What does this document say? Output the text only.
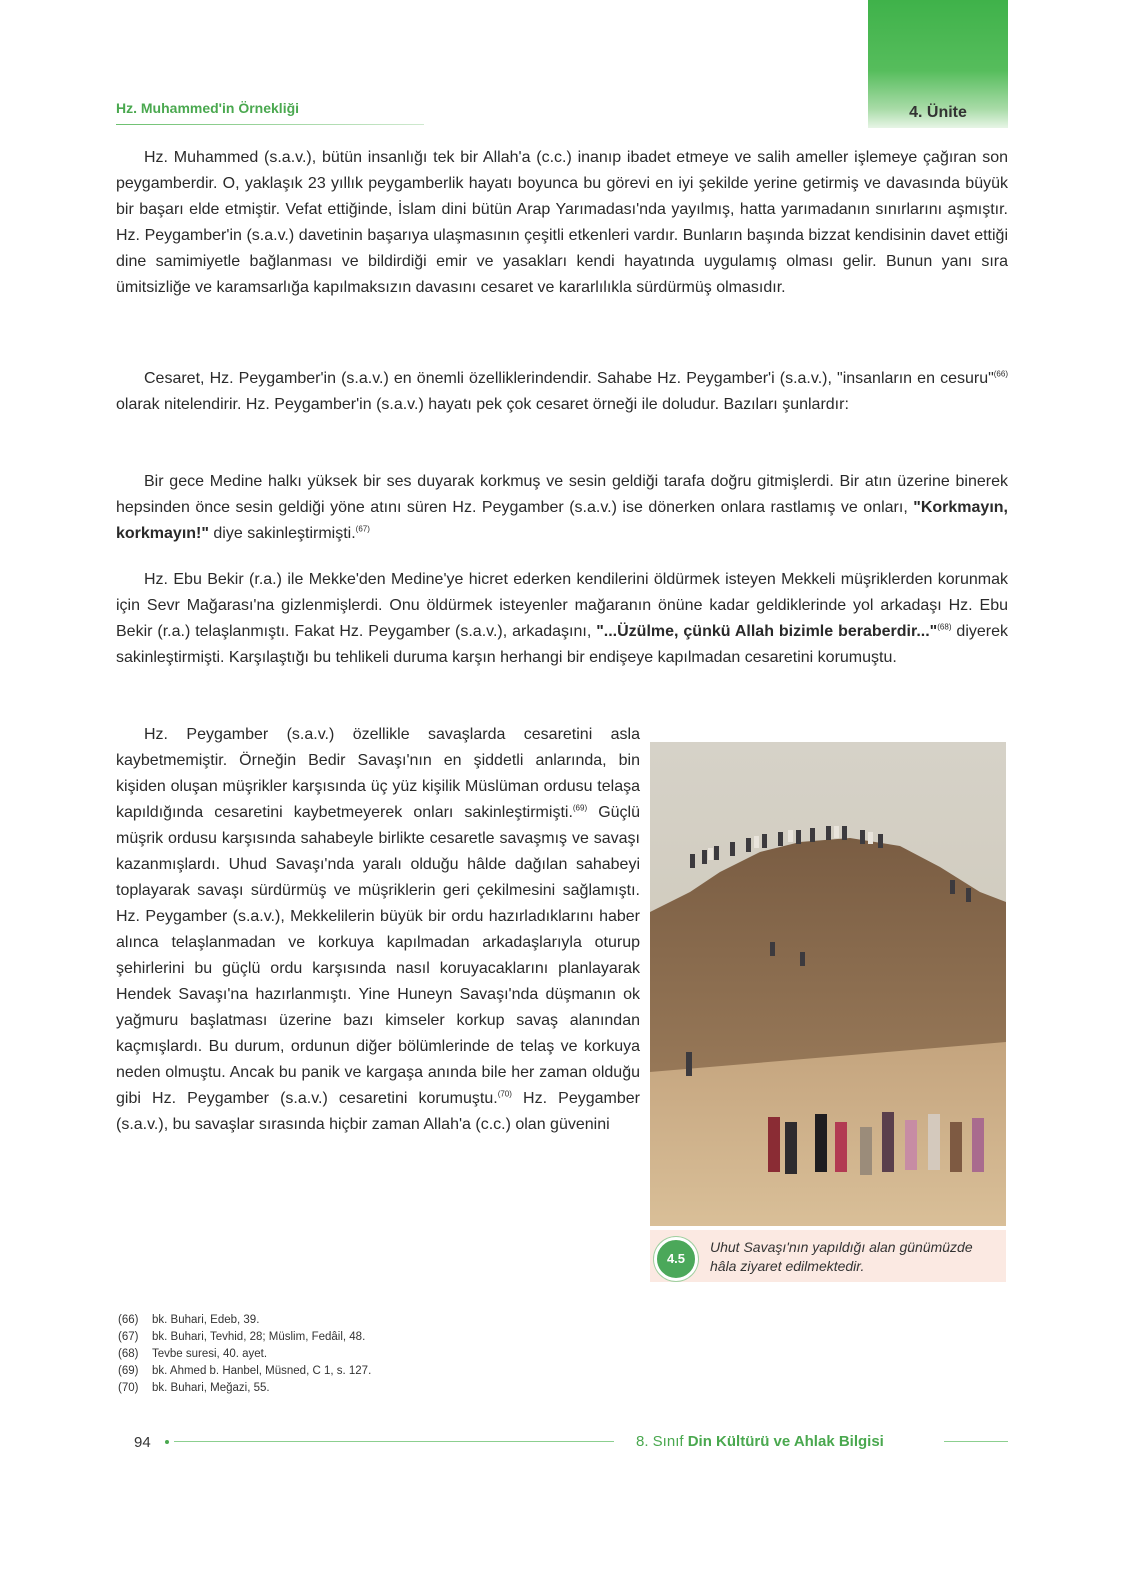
4. Ünite
Hz. Muhammed'in Örnekliği

Hz. Muhammed (s.a.v.), bütün insanlığı tek bir Allah'a (c.c.) inanıp ibadet etmeye ve salih ameller işlemeye çağıran son peygamberdir. O, yaklaşık 23 yıllık peygamberlik hayatı boyunca bu görevi en iyi şekilde yerine getirmiş ve davasında büyük bir başarı elde etmiştir. Vefat ettiğinde, İslam dini bütün Arap Yarımadası'nda yayılmış, hatta yarımadanın sınırlarını aşmıştır. Hz. Peygamber'in (s.a.v.) davetinin başarıya ulaşmasının çeşitli etkenleri vardır. Bunların başında bizzat kendisinin davet ettiği dine samimiyetle bağlanması ve bildirdiği emir ve yasakları kendi hayatında uygulamış olması gelir. Bunun yanı sıra ümitsizliğe ve karamsarlığa kapılmaksızın davasını cesaret ve kararlılıkla sürdürmüş olmasıdır.

Cesaret, Hz. Peygamber'in (s.a.v.) en önemli özelliklerindendir. Sahabe Hz. Peygamber'i (s.a.v.), "insanların en cesuru"$^{(66)}$ olarak nitelendirir. Hz. Peygamber'in (s.a.v.) hayatı pek çok cesaret örneği ile doludur. Bazıları şunlardır:

Bir gece Medine halkı yüksek bir ses duyarak korkmuş ve sesin geldiği tarafa doğru gitmişlerdi. Bir atın üzerine binerek hepsinden önce sesin geldiği yöne atını süren Hz. Peygamber (s.a.v.) ise dönerken onlara rastlamış ve onları, "Korkmayın, korkmayın!" diye sakinleştirmişti.$^{(67)}$

Hz. Ebu Bekir (r.a.) ile Mekke'den Medine'ye hicret ederken kendilerini öldürmek isteyen Mekkeli müşriklerden korunmak için Sevr Mağarası'na gizlenmişlerdi. Onu öldürmek isteyenler mağaranın önüne kadar geldiklerinde yol arkadaşı Hz. Ebu Bekir (r.a.) telaşlanmıştı. Fakat Hz. Peygamber (s.a.v.), arkadaşını, "...Üzülme, çünkü Allah bizimle beraberdir..."$^{(68)}$ diyerek sakinleştirmişti. Karşılaştığı bu tehlikeli duruma karşın herhangi bir endişeye kapılmadan cesaretini korumuştu.

Hz. Peygamber (s.a.v.) özellikle savaşlarda cesaretini asla kaybetmemiştir. Örneğin Bedir Savaşı'nın en şiddetli anlarında, bin kişiden oluşan müşrikler karşısında üç yüz kişilik Müslüman ordusu telaşa kapıldığında cesaretini kaybetmeyerek onları sakinleştirmişti.$^{(69)}$ Güçlü müşrik ordusu karşısında sahabeyle birlikte cesaretle savaşmış ve savaşı kazanmışlardı. Uhud Savaşı'nda yaralı olduğu hâlde dağılan sahabeyi toplayarak savaşı sürdürmüş ve müşriklerin geri çekilmesini sağlamıştı. Hz. Peygamber (s.a.v.), Mekkelilerin büyük bir ordu hazırladıklarını haber alınca telaşlanmadan ve korkuya kapılmadan arkadaşlarıyla oturup şehirlerini bu güçlü ordu karşısında nasıl koruyacaklarını planlayarak Hendek Savaşı'na hazırlanmıştı. Yine Huneyn Savaşı'nda düşmanın ok yağmuru başlatması üzerine bazı kimseler korkup savaş alanından kaçmışlardı. Bu durum, ordunun diğer bölümlerinde de telaş ve korkuya neden olmuştu. Ancak bu panik ve kargaşa anında bile her zaman olduğu gibi Hz. Peygamber (s.a.v.) cesaretini korumuştu.$^{(70)}$ Hz. Peygamber (s.a.v.), bu savaşlar sırasında hiçbir zaman Allah'a (c.c.) olan güvenini

4.5
Uhut Savaşı'nın yapıldığı alan günümüzde hâla ziyaret edilmektedir.
(66) bk. Buhari, Edeb, 39.
(67) bk. Buhari, Tevhid, 28; Müslim, Fedâil, 48.
(68) Tevbe suresi, 40. ayet.
(69) bk. Ahmed b. Hanbel, Müsned, C 1, s. 127.
(70) bk. Buhari, Meğazi, 55.
94	8. Sınıf Din Kültürü ve Ahlak Bilgisi
